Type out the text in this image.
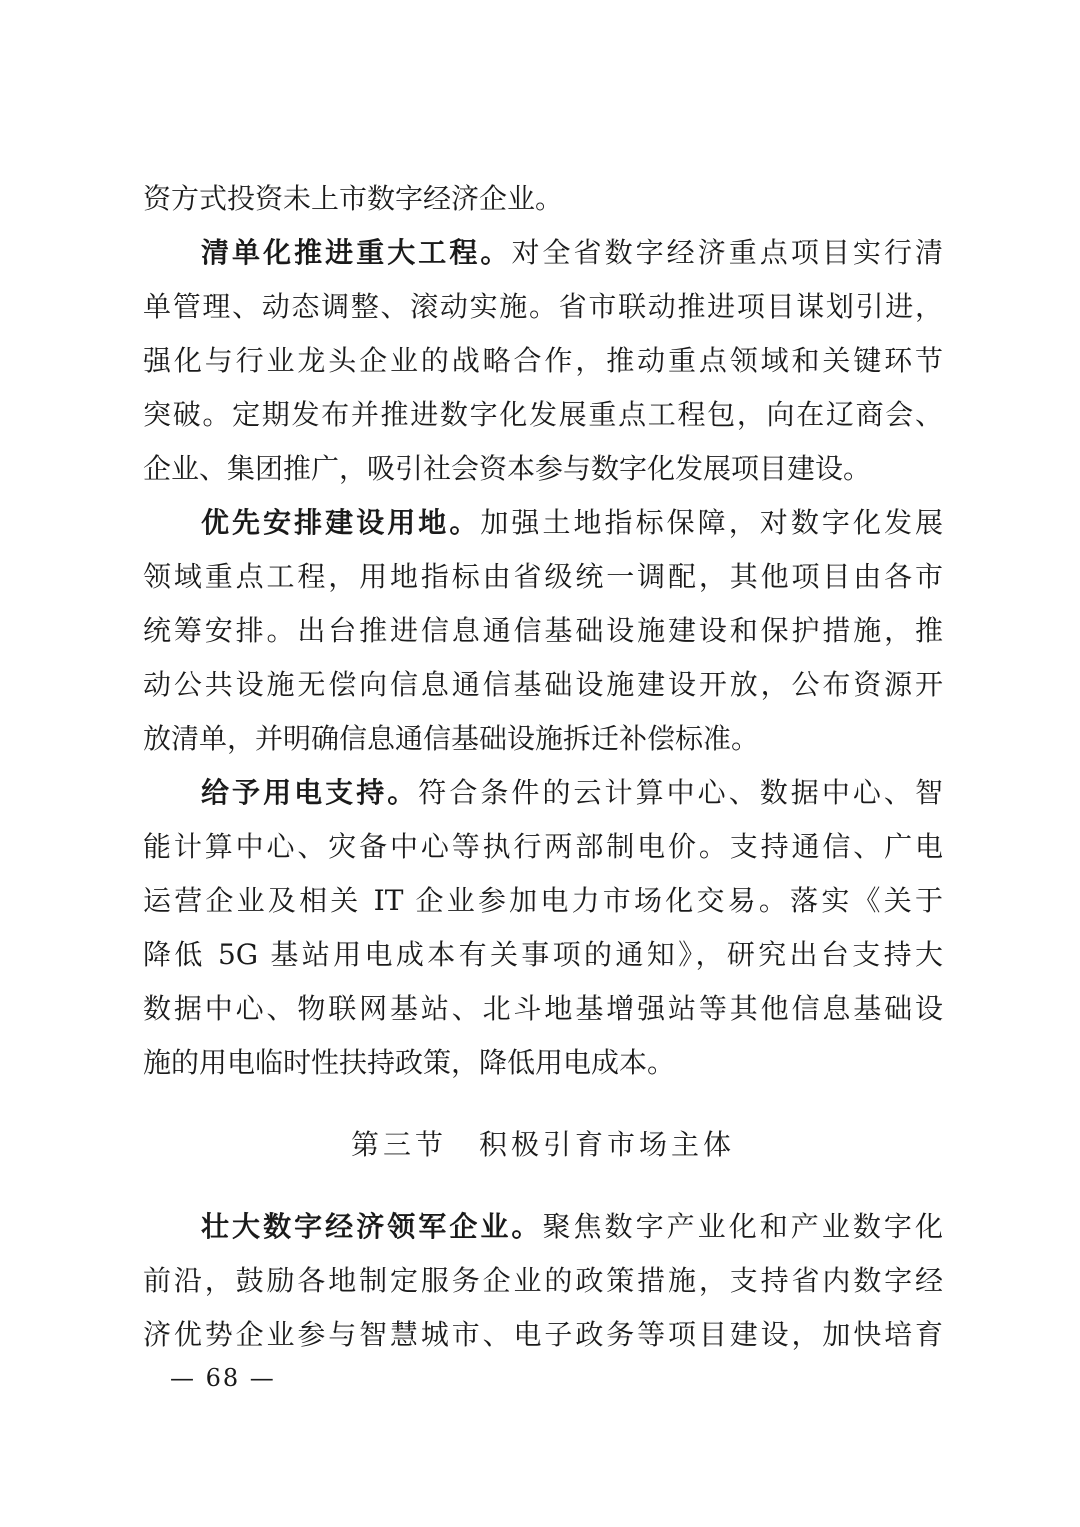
资方式投资未上市数字经济企业。
清单化推进重大工程。对全省数字经济重点项目实行清
单管理、动态调整、滚动实施。省市联动推进项目谋划引进，
强化与行业龙头企业的战略合作，推动重点领域和关键环节
突破。定期发布并推进数字化发展重点工程包，向在辽商会、
企业、集团推广，吸引社会资本参与数字化发展项目建设。
优先安排建设用地。加强土地指标保障，对数字化发展
领域重点工程，用地指标由省级统一调配，其他项目由各市
统筹安排。出台推进信息通信基础设施建设和保护措施，推
动公共设施无偿向信息通信基础设施建设开放，公布资源开
放清单，并明确信息通信基础设施拆迁补偿标准。
给予用电支持。符合条件的云计算中心、数据中心、智
能计算中心、灾备中心等执行两部制电价。支持通信、广电
运营企业及相关 IT 企业参加电力市场化交易。落实《关于
降低 5G 基站用电成本有关事项的通知》，研究出台支持大
数据中心、物联网基站、北斗地基增强站等其他信息基础设
施的用电临时性扶持政策，降低用电成本。
第三节　积极引育市场主体
壮大数字经济领军企业。聚焦数字产业化和产业数字化
前沿，鼓励各地制定服务企业的政策措施，支持省内数字经
济优势企业参与智慧城市、电子政务等项目建设，加快培育
— 68 —
